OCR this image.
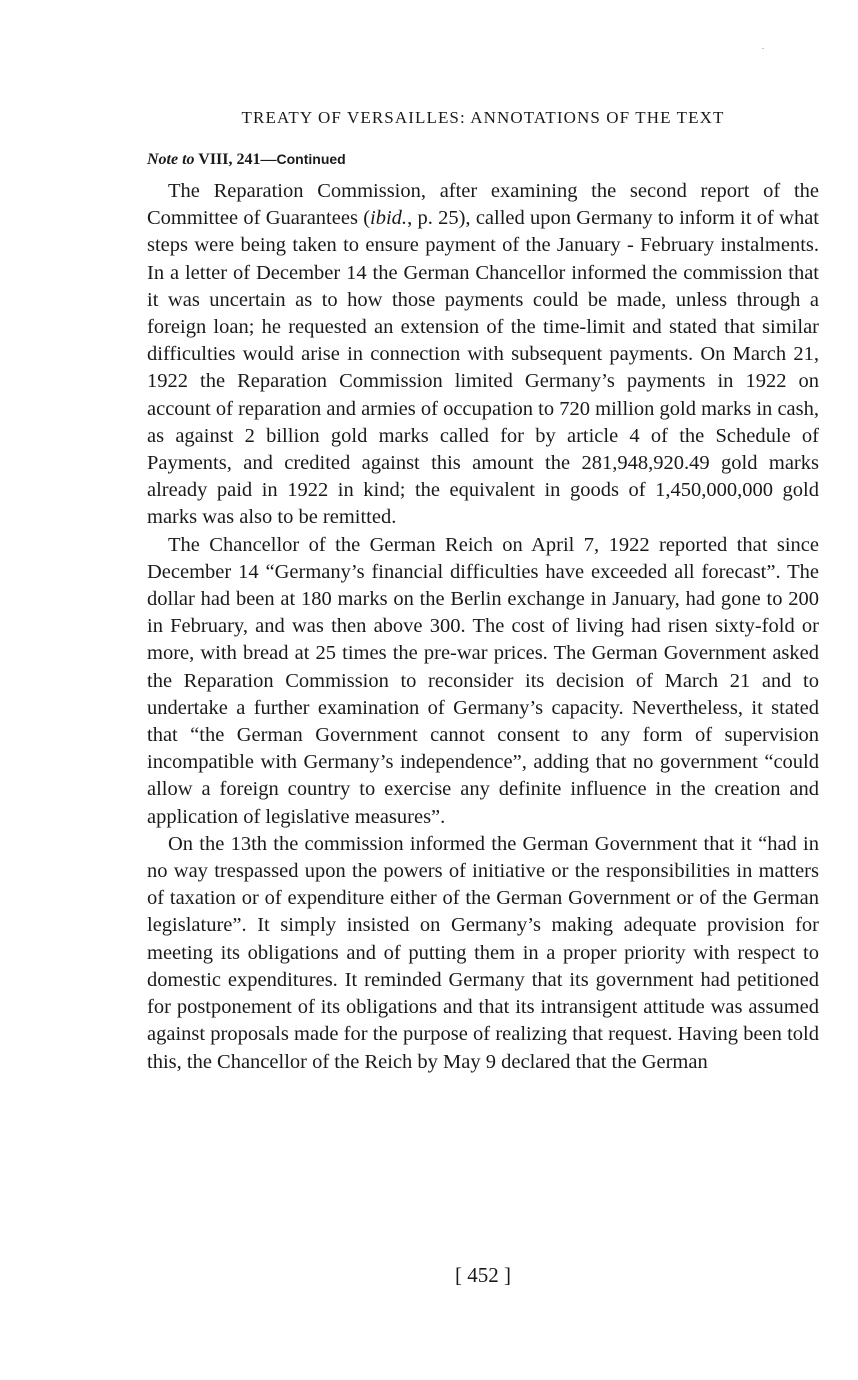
TREATY OF VERSAILLES: ANNOTATIONS OF THE TEXT
Note to VIII, 241—Continued

The Reparation Commission, after examining the second report of the Committee of Guarantees (ibid., p. 25), called upon Germany to inform it of what steps were being taken to ensure payment of the January - February instalments. In a letter of December 14 the German Chancellor informed the commission that it was uncertain as to how those payments could be made, unless through a foreign loan; he requested an extension of the time-limit and stated that similar difficulties would arise in connection with subsequent payments. On March 21, 1922 the Reparation Commission limited Germany’s payments in 1922 on account of reparation and armies of occupation to 720 million gold marks in cash, as against 2 billion gold marks called for by article 4 of the Schedule of Payments, and credited against this amount the 281,948,920.49 gold marks already paid in 1922 in kind; the equivalent in goods of 1,450,000,000 gold marks was also to be remitted.

The Chancellor of the German Reich on April 7, 1922 reported that since December 14 “Germany’s financial difficulties have exceeded all forecast”. The dollar had been at 180 marks on the Berlin exchange in January, had gone to 200 in February, and was then above 300. The cost of living had risen sixty-fold or more, with bread at 25 times the pre-war prices. The German Government asked the Reparation Commission to reconsider its decision of March 21 and to undertake a further examination of Germany’s capacity. Nevertheless, it stated that “the German Government cannot consent to any form of supervision incompatible with Germany’s independence”, adding that no government “could allow a foreign country to exercise any definite influence in the creation and application of legislative measures”.

On the 13th the commission informed the German Government that it “had in no way trespassed upon the powers of initiative or the responsibilities in matters of taxation or of expenditure either of the German Government or of the German legislature”. It simply insisted on Germany’s making adequate provision for meeting its obligations and of putting them in a proper priority with respect to domestic expenditures. It reminded Germany that its government had petitioned for postponement of its obligations and that its intransigent attitude was assumed against proposals made for the purpose of realizing that request. Having been told this, the Chancellor of the Reich by May 9 declared that the German

[ 452 ]
